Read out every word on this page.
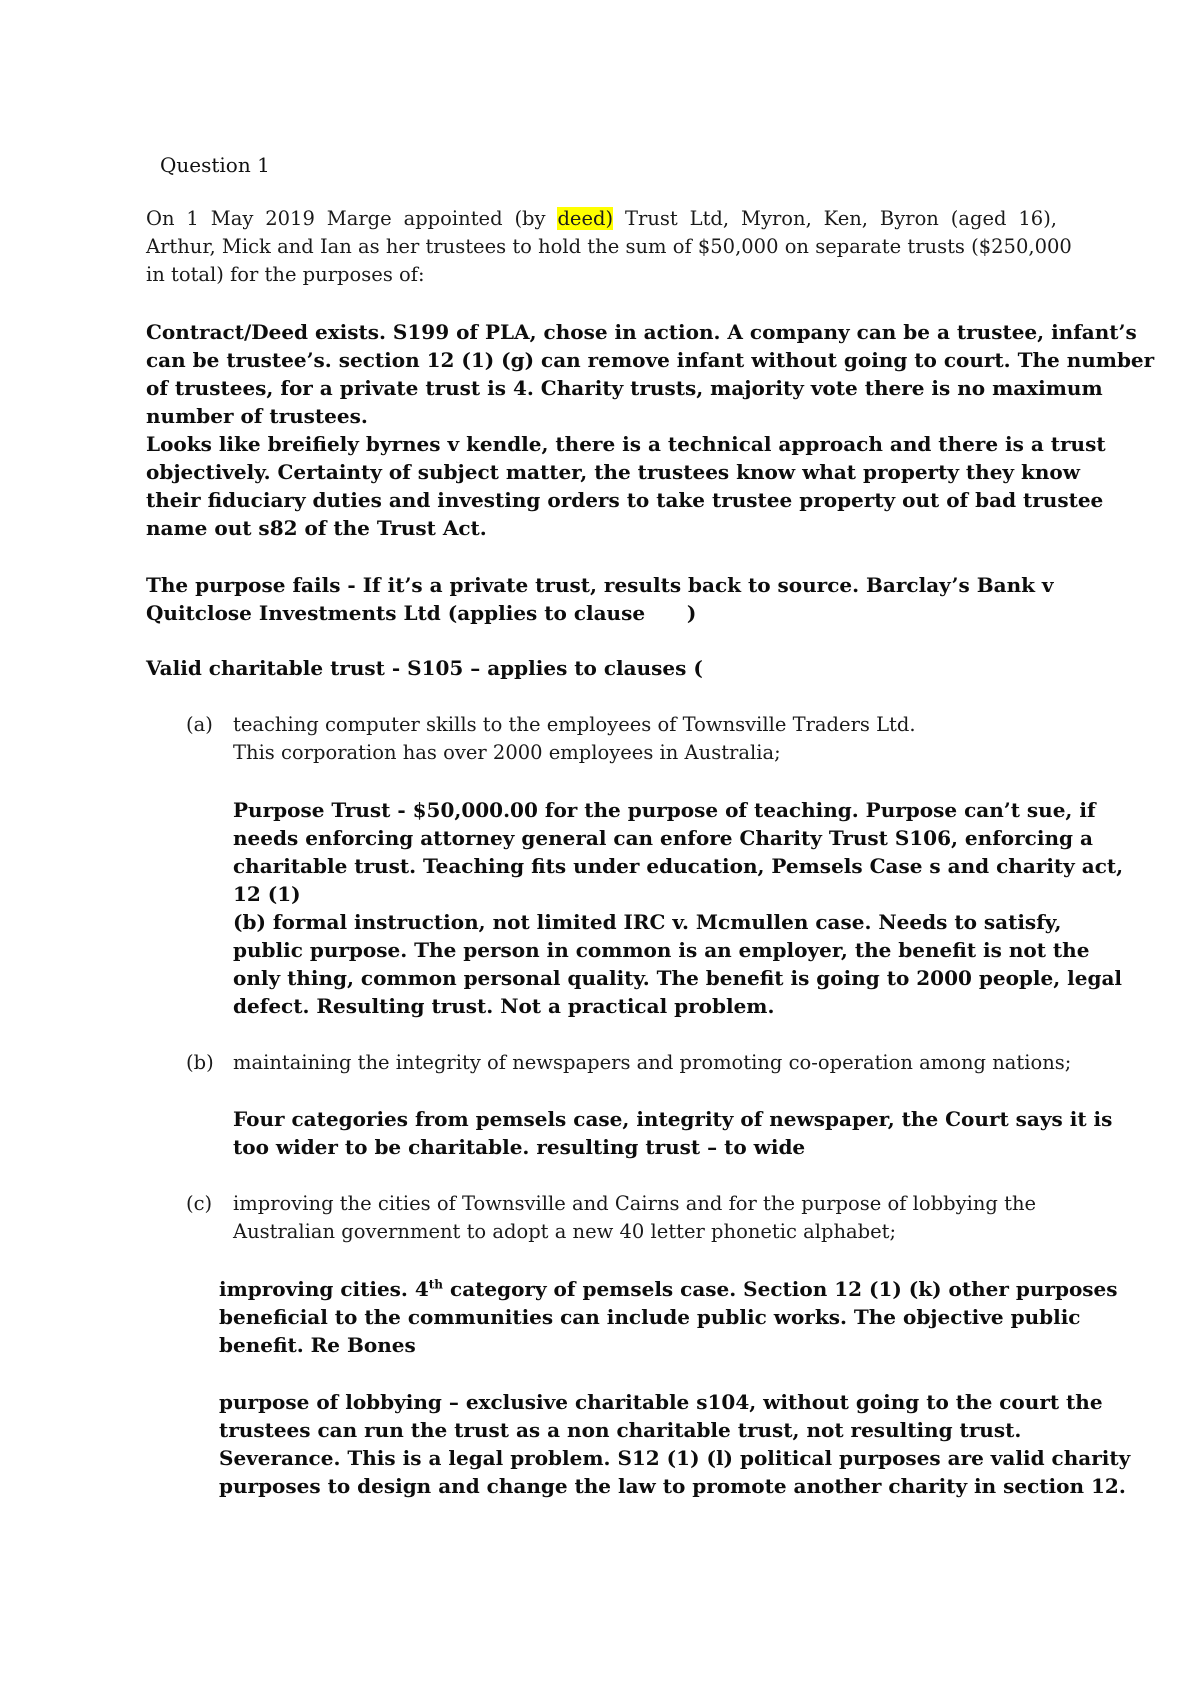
Question 1
On 1 May 2019 Marge appointed (by deed) Trust Ltd, Myron, Ken, Byron (aged 16),
Arthur, Mick and Ian as her trustees to hold the sum of $50,000 on separate trusts ($250,000
in total) for the purposes of:
Contract/Deed exists. S199 of PLA, chose in action. A company can be a trustee, infant’s
can be trustee’s. section 12 (1) (g) can remove infant without going to court. The number
of trustees, for a private trust is 4. Charity trusts, majority vote there is no maximum
number of trustees.
Looks like breifiely byrnes v kendle, there is a technical approach and there is a trust
objectively. Certainty of subject matter, the trustees know what property they know
their fiduciary duties and investing orders to take trustee property out of bad trustee
name out s82 of the Trust Act.
The purpose fails - If it’s a private trust, results back to source. Barclay’s Bank v
Quitclose Investments Ltd (applies to clause      )
Valid charitable trust - S105 – applies to clauses (
(a) teaching computer skills to the employees of Townsville Traders Ltd.
This corporation has over 2000 employees in Australia;
Purpose Trust - $50,000.00 for the purpose of teaching. Purpose can’t sue, if
needs enforcing attorney general can enfore Charity Trust S106, enforcing a
charitable trust. Teaching fits under education, Pemsels Case s and charity act,
12 (1)
(b) formal instruction, not limited IRC v. Mcmullen case. Needs to satisfy,
public purpose. The person in common is an employer, the benefit is not the
only thing, common personal quality. The benefit is going to 2000 people, legal
defect. Resulting trust. Not a practical problem.
(b) maintaining the integrity of newspapers and promoting co-operation among nations;
Four categories from pemsels case, integrity of newspaper, the Court says it is
too wider to be charitable. resulting trust – to wide
(c) improving the cities of Townsville and Cairns and for the purpose of lobbying the
Australian government to adopt a new 40 letter phonetic alphabet;
improving cities. 4th category of pemsels case. Section 12 (1) (k) other purposes
beneficial to the communities can include public works. The objective public
benefit. Re Bones
purpose of lobbying – exclusive charitable s104, without going to the court the
trustees can run the trust as a non charitable trust, not resulting trust.
Severance. This is a legal problem. S12 (1) (l) political purposes are valid charity
purposes to design and change the law to promote another charity in section 12.
